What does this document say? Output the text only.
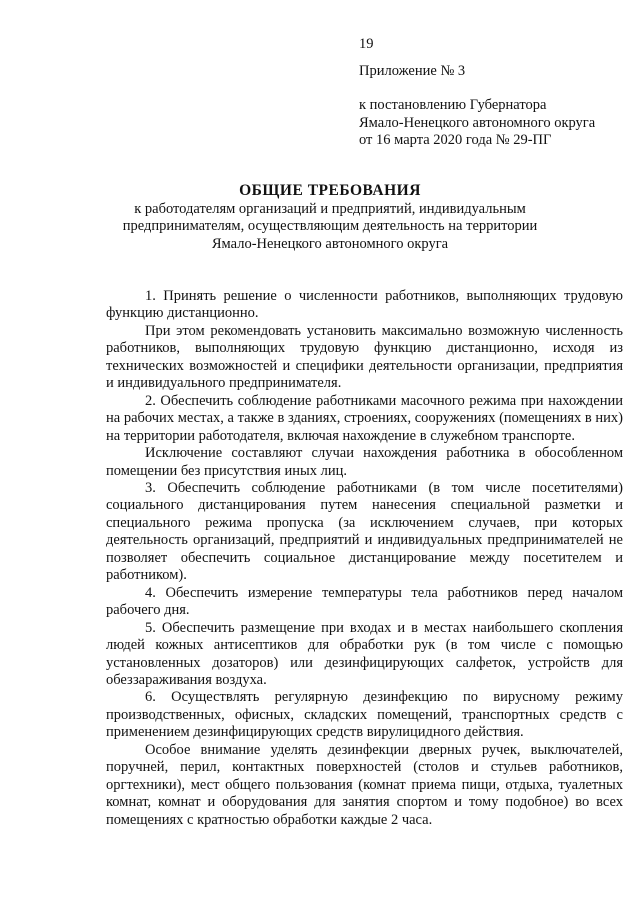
19
Приложение № 3
к постановлению Губернатора
Ямало-Ненецкого автономного округа
от 16 марта 2020 года № 29-ПГ
ОБЩИЕ ТРЕБОВАНИЯ
к работодателям организаций и предприятий, индивидуальным предпринимателям, осуществляющим деятельность на территории Ямало-Ненецкого автономного округа

1. Принять решение о численности работников, выполняющих трудовую функцию дистанционно.

При этом рекомендовать установить максимально возможную численность работников, выполняющих трудовую функцию дистанционно, исходя из технических возможностей и специфики деятельности организации, предприятия и индивидуального предпринимателя.

2. Обеспечить соблюдение работниками масочного режима при нахождении на рабочих местах, а также в зданиях, строениях, сооружениях (помещениях в них) на территории работодателя, включая нахождение в служебном транспорте.

Исключение составляют случаи нахождения работника в обособленном помещении без присутствия иных лиц.

3. Обеспечить соблюдение работниками (в том числе посетителями) социального дистанцирования путем нанесения специальной разметки и специального режима пропуска (за исключением случаев, при которых деятельность организаций, предприятий и индивидуальных предпринимателей не позволяет обеспечить социальное дистанцирование между посетителем и работником).

4. Обеспечить измерение температуры тела работников перед началом рабочего дня.

5. Обеспечить размещение при входах и в местах наибольшего скопления людей кожных антисептиков для обработки рук (в том числе с помощью установленных дозаторов) или дезинфицирующих салфеток, устройств для обеззараживания воздуха.

6. Осуществлять регулярную дезинфекцию по вирусному режиму производственных, офисных, складских помещений, транспортных средств с применением дезинфицирующих средств вирулицидного действия.

Особое внимание уделять дезинфекции дверных ручек, выключателей, поручней, перил, контактных поверхностей (столов и стульев работников, оргтехники), мест общего пользования (комнат приема пищи, отдыха, туалетных комнат, комнат и оборудования для занятия спортом и тому подобное) во всех помещениях с кратностью обработки каждые 2 часа.
